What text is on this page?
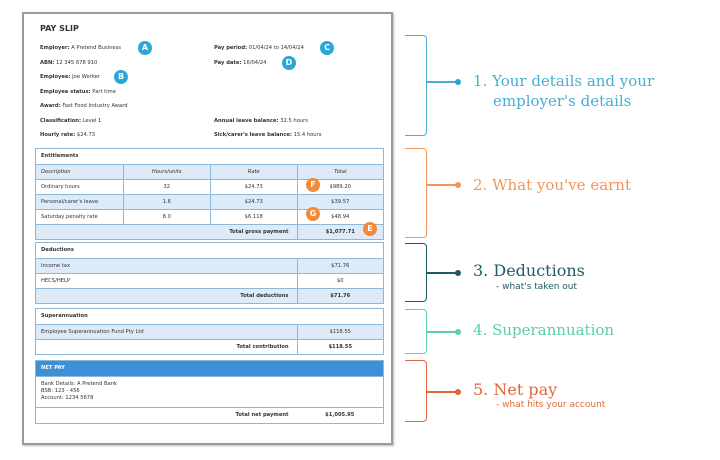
PAY SLIP
Employer: A Pretend Business
ABN: 12 345 678 910
Employee: Joe Worker
Employee status: Part time
Award: Fast Food Industry Award
Classification: Level 1
Hourly rate: $24.73
Pay period: 01/04/24 to 14/04/24
Pay date: 16/04/24
Annual leave balance: 32.5 hours
Sick/carer's leave balance: 15.4 hours
A	C
D
B
Entitlements
Description	Hours/units	Rate	Total
Ordinary hours	32	$24.73	$989.20
Personal/carer's leave	1.6	$24.73	$39.57
Saturday penalty rate	8.0	$6.118	$48.94
Total gross payment	$1,077.71
F
G
E
Deductions
Income tax	$71.76
HECS/HELP	$0
Total deductions	$71.76
Superannuation
Employee Superannuation Fund Pty Ltd	$118.55
Total contribution	$118.55
NET PAY
Bank Details: A Pretend Bank
BSB: 123 - 456
Account: 1234 5678
Total net payment	$1,005.95
1. Your details and your
employer's details
2. What you've earnt
3. Deductions
- what's taken out
4. Superannuation
5. Net pay
- what hits your account
